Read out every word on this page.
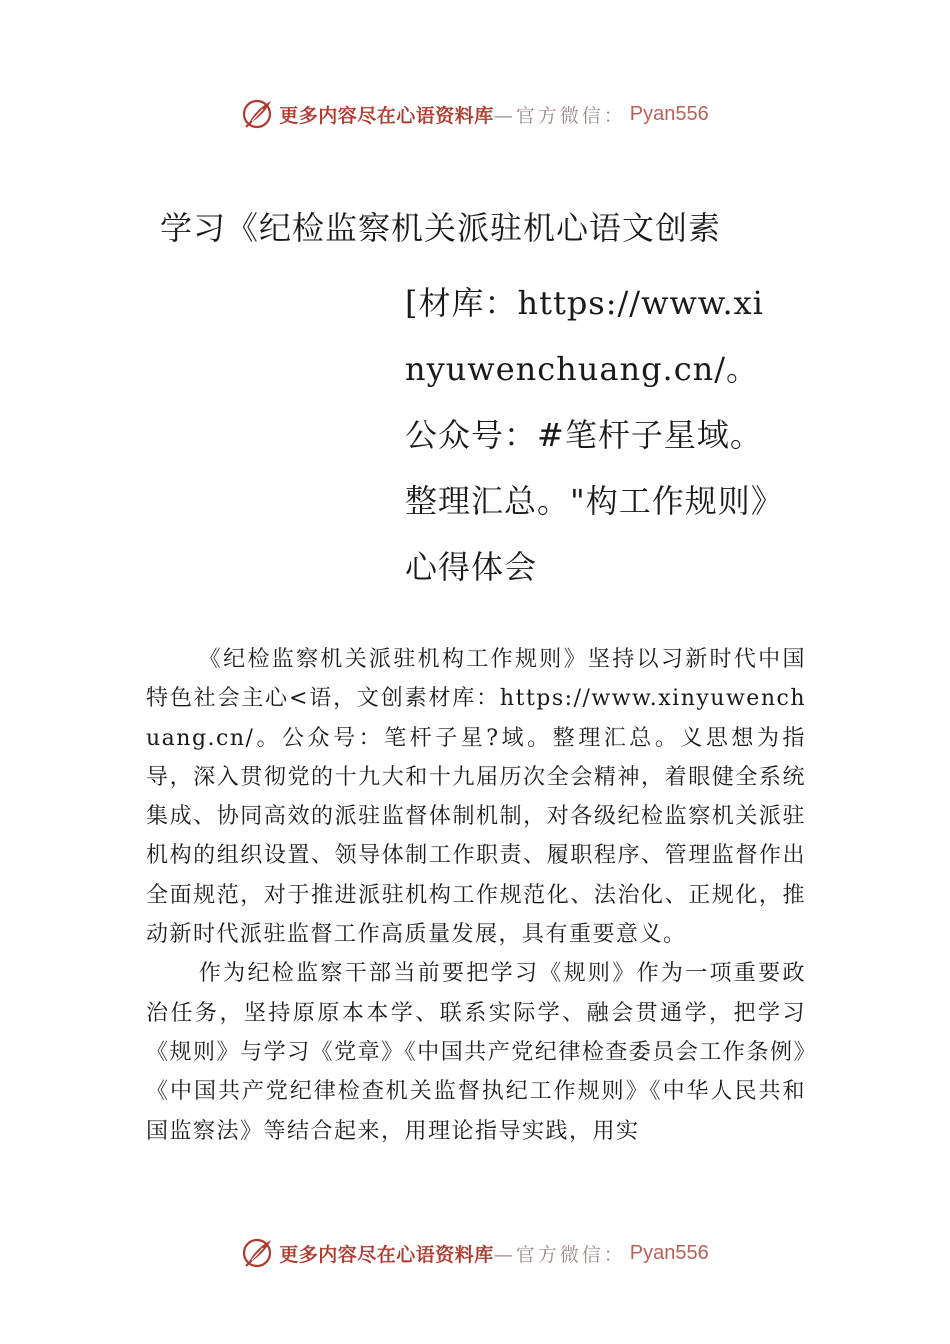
更多内容尽在心语资料库 —官方微信： Pyan556
学习《纪检监察机关派驻机心语文创素
[材库：https://www.xinyuwenchuang.cn/。公众号：#笔杆子星域。整理汇总。"构工作规则》心得体会

《纪检监察机关派驻机构工作规则》坚持以习新时代中国特色社会主心<语，文创素材库：https://www.xinyuwenchuang.cn/。公众号：笔杆子星?域。整理汇总。义思想为指导，深入贯彻党的十九大和十九届历次全会精神，着眼健全系统集成、协同高效的派驻监督体制机制，对各级纪检监察机关派驻机构的组织设置、领导体制工作职责、履职程序、管理监督作出全面规范，对于推进派驻机构工作规范化、法治化、正规化，推动新时代派驻监督工作高质量发展，具有重要意义。

作为纪检监察干部当前要把学习《规则》作为一项重要政治任务，坚持原原本本学、联系实际学、融会贯通学，把学习《规则》与学习《党章》《中国共产党纪律检查委员会工作条例》《中国共产党纪律检查机关监督执纪工作规则》《中华人民共和国监察法》等结合起来，用理论指导实践，用实

更多内容尽在心语资料库 —官方微信： Pyan556
